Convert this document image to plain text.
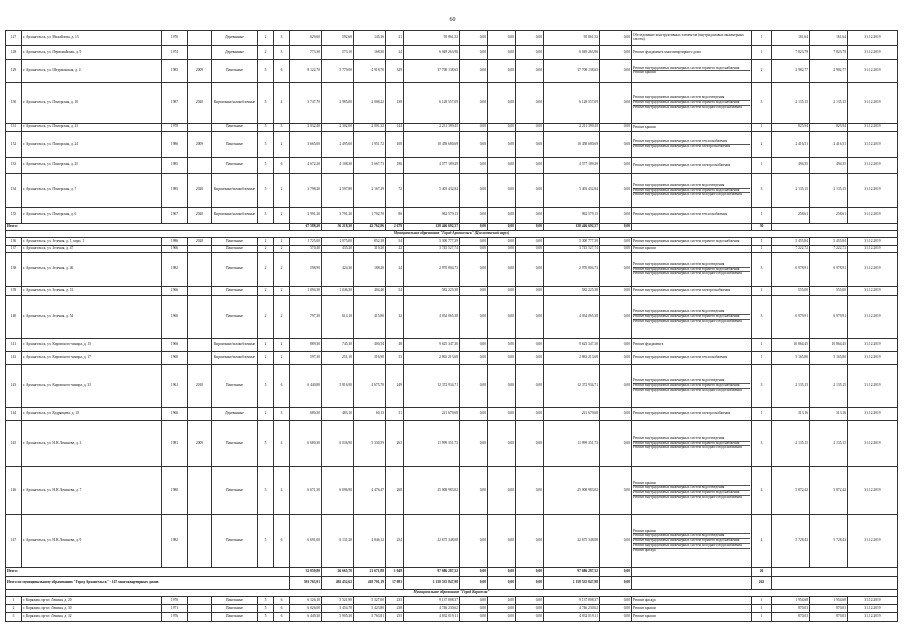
60
127	г. Архангельск, ул. Михайлова, д. 13	1976		Деревянные	2	3	629,60	592,60	145,36	21	95 861,52	0,00	0,00	0,00	95 861,52	0,00	Обследование конструктивных элементов (внутридомовых инженерных систем)	1	161,64	161,64	31.12.2019
128	г. Архангельск, ул. Первомайская, д. 9	1974		Деревянные	2	3	773,30	573,10	168,30	24	6 049 263,96	0,00	0,00	0,00	6 049 263,96	0,00	Ремонт фундамента многоквартирного дома	1	7 823,79	7 823,79	31.12.2019
129	г. Архангельск, ул. Штурманская, д. 4	1985	2009	Панельные	5	6	8 122,70	5 779,00	4 918,70	329	37 708 138,65	0,00	0,00	0,00	37 708 138,65	0,00	Ремонт внутридомовых инженерных систем горячего водоснабжения
Ремонт крыши	2	2 982,77	2 982,77	31.12.2019
130	г. Архангельск, ул. Поморская, д. 10	1987	2020	Кирпичные/шлакоблочные	5	4	3 747,70	2 985,00	2 008,22	138	6 128 557,09	0,00	0,00	0,00	6 128 557,09	0,00	Ремонт внутридомовых инженерных систем водоотведения
Ремонт внутридомовых инженерных систем горячего водоснабжения
Ремонт внутридомовых инженерных систем холодного водоснабжения	3	2 135,15	2 135,15	31.12.2019
131	г. Архангельск, ул. Поморская, д. 23	1978		Панельные	5	3	3 032,40	2 302,00	2 001,32	144	2 211 399,45	0,00	0,00	0,00	2 211 399,45	0,00	Ремонт крыши	1	825,94	825,94	31.12.2019
132	г. Архангельск, ул. Поморская, д. 24	1986	2009	Панельные	5	2	3 665,00	2 495,00	1 951,72	100	10 458 680,69	0,00	0,00	0,00	10 458 680,69	0,00	Ремонт внутридомовых инженерных систем теплоснабжения
Ремонт внутридомовых инженерных систем электроснабжения	2	2 416,51	2 416,51	31.12.2019
133	г. Архангельск, ул. Поморская, д. 25	1985		Панельные	5	6	4 672,20	4 108,30	3 667,73	196	4 577 189,29	0,00	0,00	0,00	4 577 189,29	0,00	Ремонт внутридомовых инженерных систем электроснабжения	1	494,35	494,35	31.12.2019
134	г. Архангельск, ул. Поморская, д. 7	1985	2020	Кирпичные/шлакоблочные	5	2	3 798,20	2 507,80	2 167,29	72	5 403 432,84	0,00	0,00	0,00	5 403 432,84	0,00	Ремонт внутридомовых инженерных систем водоотведения
Ремонт внутридомовых инженерных систем горячего водоснабжения
Ремонт внутридомовых инженерных систем холодного водоснабжения	3	2 135,15	2 135,15	31.12.2019
135	г. Архангельск, ул. Поморская, д. 6	1967	2020	Кирпичные/шлакоблочные	3	2	3 991,20	3 791,20	1 702,70	86	962 579,13	0,00	0,00	0,00	962 579,13	0,00	Ремонт внутридомовых инженерных систем теплоснабжения	1	258,61	258,61	31.12.2019
Итого:							67 588,20	56 218,30	42 762,86	2 679	128 446 692,57	0,00	0,00	0,00	128 446 692,57	0,00		30			
Муниципальное образование "Город Архангельск" (Цигломенский округ)																					
136	г. Архангельск, ул. Зеленая, д. 1, корп. 1	1986	2020	Панельные	2	2	1 725,00	1 075,00	852,38	54	5 300 777,39	0,00	0,00	0,00	5 300 777,39	0,00	Ремонт внутридомовых инженерных систем горячего водоснабжения	1	5 455,84	5 455,84	31.12.2019
137	г. Архангельск, ул. Зеленая, д. 47	1966		Панельные	2	2	570,40	435,20	319,20	22	3 745 527,74	0,00	0,00	0,00	3 745 527,74	0,00	Ремонт крыши	1	7 222,72	7 222,72	31.12.2019
138	г. Архангельск, ул. Зеленая, д. 46	1982		Панельные	2	2	598,90	424,30	188,20	24	2 970 804,73	0,00	0,00	0,00	2 970 804,73	0,00	Ремонт внутридомовых инженерных систем водоотведения
Ремонт внутридомовых инженерных систем горячего водоснабжения
Ремонт внутридомовых инженерных систем холодного водоснабжения	3	6 978,91	6 978,91	31.12.2019
139	г. Архангельск, ул. Зеленая, д. 51	1966		Панельные	2	2	1 094,30	1 046,30	404,40	54	582 225,38	0,00	0,00	0,00	582 225,38	0,00	Ремонт внутридомовых инженерных систем электроснабжения	1	555,00	555,00	31.12.2019
140	г. Архангельск, ул. Зеленая, д. 54	1960		Панельные	2	2	797,30	614,10	415,80	32	4 034 065,38	0,00	0,00	0,00	4 034 065,38	0,00	Ремонт внутридомовых инженерных систем водоотведения
Ремонт внутридомовых инженерных систем горячего водоснабжения
Ремонт внутридомовых инженерных систем холодного водоснабжения	3	6 979,91	6 979,91	31.12.2019
141	г. Архангельск, ул. Кировского-чинара, д. 15	1966		Кирпичные/шлакоблочные	2	2	889,30	745,30	400,54	48	9 625 347,30	0,00	0,00	0,00	9 625 347,30	0,00	Ремонт фундамента	1	10 864,45	10 864,45	31.12.2019
142	г. Архангельск, ул. Кировского-чинара, д. 17	1960		Кирпичные/шлакоблочные	2	2	597,30	251,10	316,90	33	2 863 213,68	0,00	0,00	0,00	2 863 213,68	0,00	Ремонт внутридомовых инженерных систем теплоснабжения	1	5 165,80	5 165,80	31.12.2019
143	г. Архангельск, ул. Кировского-чинара, д. 33	1961	2010	Панельные	5	6	6 440,80	5 816,90	4 675,70	249	12 372 934,71	0,00	0,00	0,00	12 372 934,71	0,00	Ремонт внутридомовых инженерных систем водоотведения
Ремонт внутридомовых инженерных систем горячего водоснабжения
Ремонт внутридомовых инженерных систем холодного водоснабжения	3	2 135,15	2 135,15	31.12.2019
144	г. Архангельск, ул. Кудрявцева, д. 10	1966		Деревянные	2	3	680,30	483,10	60,13	31	221 679,68	0,00	0,00	0,00	221 679,68	0,00	Ремонт внутридомовых инженерных систем электроснабжения	1	313,16	313,16	31.12.2019
145	г. Архангельск, ул. Н.Н.Лочинова, д. 3	1981	2009	Панельные	5	4	6 680,30	6 036,90	5 330,59	263	11 999 351,73	0,00	0,00	0,00	11 999 351,73	0,00	Ремонт внутридомовых инженерных систем водоотведения
Ремонт внутридомовых инженерных систем горячего водоснабжения
Ремонт внутридомовых инженерных систем холодного водоснабжения	3	2 135,15	2 135,15	31.12.2019
146	г. Архангельск, ул. Н.Н.Лочинова, д. 7	1980		Панельные	5	4	6 671,30	6 096,90	4 476,47	268	25 008 983,02	0,00	0,00	0,00	25 008 983,02	0,00	Ремонт крыши
Ремонт внутридомовых инженерных систем водоотведения
Ремонт внутридомовых инженерных систем горячего водоснабжения
Ремонт внутридомовых инженерных систем холодного водоснабжения	4	5 872,42	5 872,42	31.12.2019
147	г. Архангельск, ул. Н.Н.Лочинова, д. 9	1982		Панельные	5	6	6 691,00	6 131,20	4 846,12	254	22 675 348,08	0,00	0,00	0,00	22 675 348,08	0,00	Ремонт крыши
Ремонт внутридомовых инженерных систем водоотведения
Ремонт внутридомовых инженерных систем горячего водоснабжения
Ремонт внутридомовых инженерных систем холодного водоснабжения
Ремонт фасада	4	5 728,43	5 728,43	31.12.2019
Итого:							32 059,80	26 665,70	21 671,88	1 049	97 686 287,52	0,00	0,00	0,00	97 686 287,52	0,00		26			
Итого по муниципальному образованию "Город Архангельск" - 147 многоквартирных домов							591 763,91	492 452,62	418 701,19	17 983	1 158 535 847,98	0,00	0,00	0,00	1 158 535 847,98	0,00		262			
Муниципальное образование "Город Коряжма"																					
1	г. Коряжма, пр-кт. Ленина, д. 20	1976		Панельные	5	6	6 126,10	5 521,90	5 327,00	233	9 137 808,37	0,00	0,00	0,00	9 137 808,37	0,00	Ремонт фасада	1	1 954,68	1 954,68	31.12.2019
2	г. Коряжма, пр-кт. Ленина, д. 30	1971		Панельные	5	6	6 026,00	5 454,70	5 423,80	238	4 746 230,62	0,00	0,00	0,00	4 746 230,62	0,00	Ремонт крыши	1	870,03	870,03	31.12.2019
3	г. Коряжма, пр-кт. Ленина, д. 32	1976		Панельные	5	6	6 449,30	5 905,30	5 763,81	255	4 832 019,11	0,00	0,00	0,00	4 832 019,11	0,00	Ремонт крыши	1	870,03	870,03	31.12.2019
